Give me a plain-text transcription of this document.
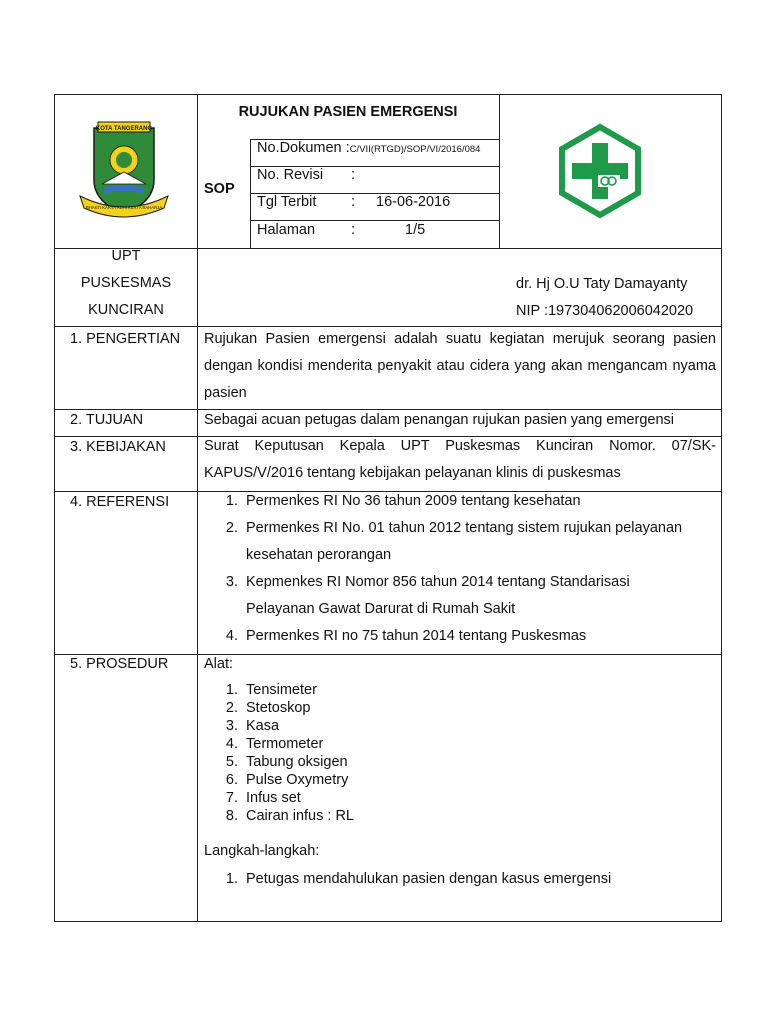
KOTA TANGERANG
BHAKTI KARYA ADHI KERTA RAHARJA
RUJUKAN PASIEN EMERGENSI
SOP
No.Dokumen :C/VII(RTGD)/SOP/VI/2016/084
No. Revisi :
Tgl Terbit : 16-06-2016
Halaman :	1/5
UPT
PUSKESMAS
KUNCIRAN
dr. Hj O.U Taty Damayanty
NIP :197304062006042020
1. PENGERTIAN Rujukan Pasien emergensi adalah suatu kegiatan merujuk seorang pasien dengan kondisi menderita penyakit atau cidera yang akan mengancam nyama pasien
2. TUJUAN	Sebagai acuan petugas dalam penangan rujukan pasien yang emergensi
3. KEBIJAKAN	Surat Keputusan Kepala UPT Puskesmas Kunciran Nomor. 07/SK-KAPUS/V/2016 tentang kebijakan pelayanan klinis di puskesmas
4. REFERENSI	1. Permenkes RI No 36 tahun 2009 tentang kesehatan
2. Permenkes RI No. 01 tahun 2012 tentang sistem rujukan pelayanan
kesehatan perorangan
3. Kepmenkes RI Nomor 856 tahun 2014 tentang Standarisasi
Pelayanan Gawat Darurat di Rumah Sakit
4. Permenkes RI no 75 tahun 2014 tentang Puskesmas
5. PROSEDUR Alat:
1. Tensimeter
2. Stetoskop
3. Kasa
4. Termometer
5. Tabung oksigen
6. Pulse Oxymetry
7. Infus set
8. Cairan infus : RL
Langkah-langkah:
1. Petugas mendahulukan pasien dengan kasus emergensi
